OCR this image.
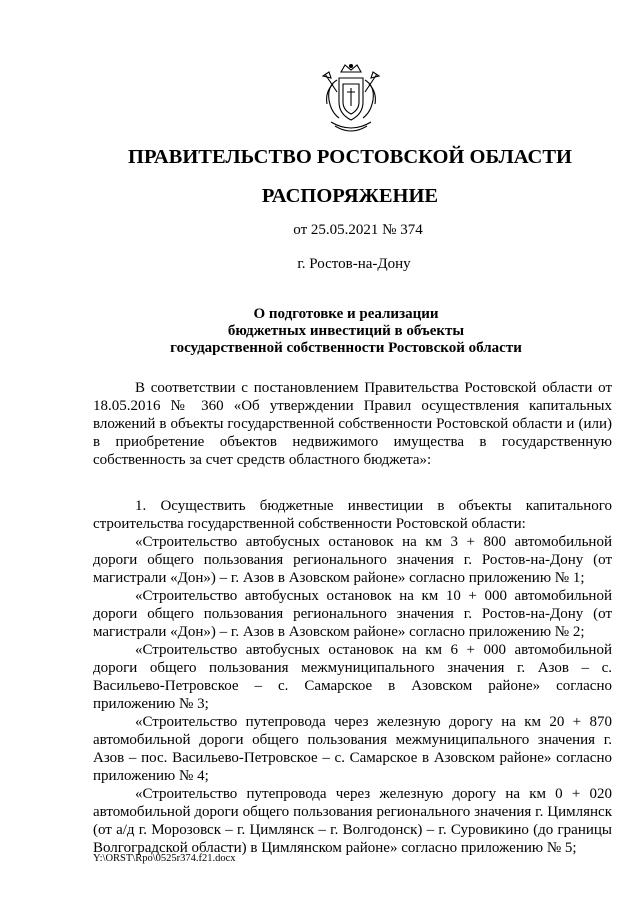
ПРАВИТЕЛЬСТВО РОСТОВСКОЙ ОБЛАСТИ
РАСПОРЯЖЕНИЕ
от 25.05.2021 № 374
г. Ростов-на-Дону
О подготовке и реализации
бюджетных инвестиций в объекты
государственной собственности Ростовской области

В соответствии с постановлением Правительства Ростовской области от 18.05.2016 № 360 «Об утверждении Правил осуществления капитальных вложений в объекты государственной собственности Ростовской области и (или) в приобретение объектов недвижимого имущества в государственную собственность за счет средств областного бюджета»:

1. Осуществить бюджетные инвестиции в объекты капитального строительства государственной собственности Ростовской области:

«Строительство автобусных остановок на км 3 + 800 автомобильной дороги общего пользования регионального значения г. Ростов-на-Дону (от магистрали «Дон») – г. Азов в Азовском районе» согласно приложению № 1;

«Строительство автобусных остановок на км 10 + 000 автомобильной дороги общего пользования регионального значения г. Ростов-на-Дону (от магистрали «Дон») – г. Азов в Азовском районе» согласно приложению № 2;

«Строительство автобусных остановок на км 6 + 000 автомобильной дороги общего пользования межмуниципального значения г. Азов – с. Васильево-Петровское – с. Самарское в Азовском районе» согласно приложению № 3;

«Строительство путепровода через железную дорогу на км 20 + 870 автомобильной дороги общего пользования межмуниципального значения г. Азов – пос. Васильево-Петровское – с. Самарское в Азовском районе» согласно приложению № 4;

«Строительство путепровода через железную дорогу на км 0 + 020 автомобильной дороги общего пользования регионального значения г. Цимлянск (от а/д г. Морозовск – г. Цимлянск – г. Волгодонск) – г. Суровикино (до границы Волгоградской области) в Цимлянском районе» согласно приложению № 5;

Y:\ORST\Rpo\0525r374.f21.docx
